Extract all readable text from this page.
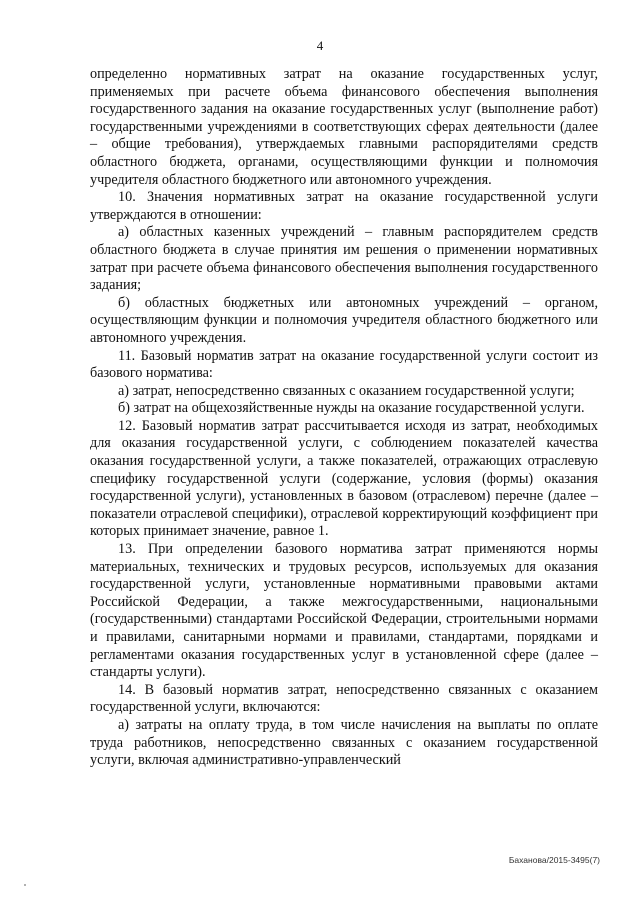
4

определенно нормативных затрат на оказание государственных услуг, применяемых при расчете объема финансового обеспечения выполнения государственного задания на оказание государственных услуг (выполнение работ) государственными учреждениями в соответствующих сферах деятельности (далее – общие требования), утверждаемых главными распорядителями средств областного бюджета, органами, осуществляющими функции и полномочия учредителя областного бюджетного или автономного учреждения.

10. Значения нормативных затрат на оказание государственной услуги утверждаются в отношении:

а) областных казенных учреждений – главным распорядителем средств областного бюджета в случае принятия им решения о применении нормативных затрат при расчете объема финансового обеспечения выполнения государственного задания;

б) областных бюджетных или автономных учреждений – органом, осуществляющим функции и полномочия учредителя областного бюджетного или автономного учреждения.

11. Базовый норматив затрат на оказание государственной услуги состоит из базового норматива:

а) затрат, непосредственно связанных с оказанием государственной услуги;

б) затрат на общехозяйственные нужды на оказание государственной услуги.

12. Базовый норматив затрат рассчитывается исходя из затрат, необходимых для оказания государственной услуги, с соблюдением показателей качества оказания государственной услуги, а также показателей, отражающих отраслевую специфику государственной услуги (содержание, условия (формы) оказания государственной услуги), установленных в базовом (отраслевом) перечне (далее – показатели отраслевой специфики), отраслевой корректирующий коэффициент при которых принимает значение, равное 1.

13. При определении базового норматива затрат применяются нормы материальных, технических и трудовых ресурсов, используемых для оказания государственной услуги, установленные нормативными правовыми актами Российской Федерации, а также межгосударственными, национальными (государственными) стандартами Российской Федерации, строительными нормами и правилами, санитарными нормами и правилами, стандартами, порядками и регламентами оказания государственных услуг в установленной сфере (далее – стандарты услуги).

14. В базовый норматив затрат, непосредственно связанных с оказанием государственной услуги, включаются:

а) затраты на оплату труда, в том числе начисления на выплаты по оплате труда работников, непосредственно связанных с оказанием государственной услуги, включая административно-управленческий

Баханова/2015-3495(7)
